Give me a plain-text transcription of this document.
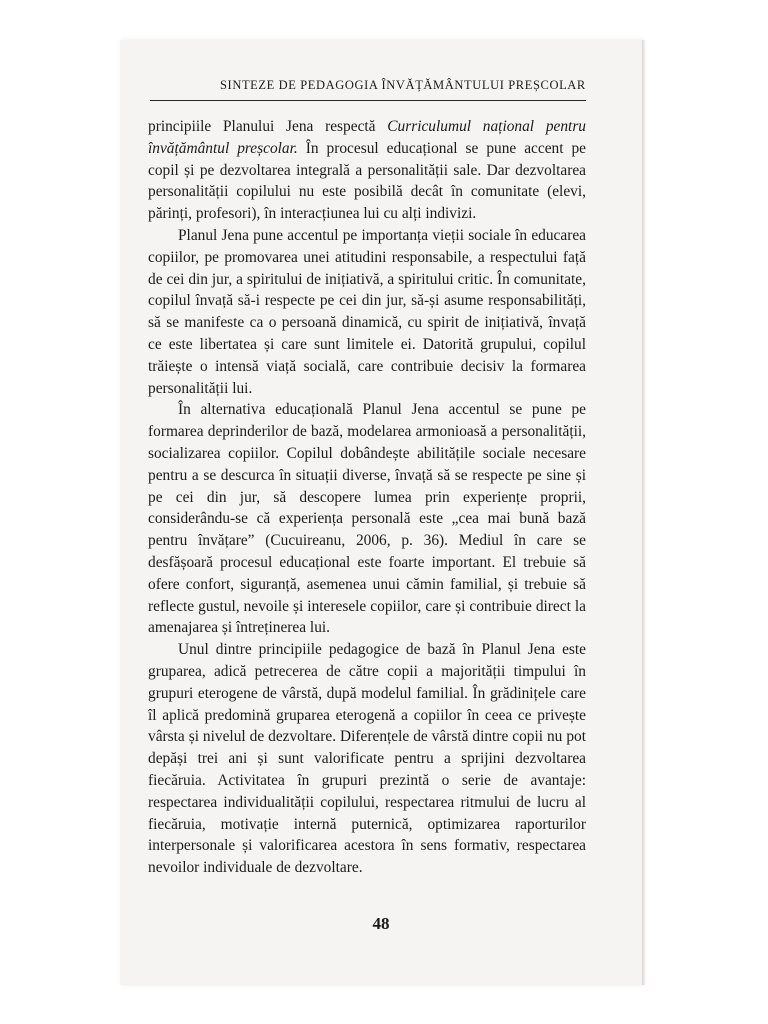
SINTEZE DE PEDAGOGIA ÎNVĂȚĂMÂNTULUI PREȘCOLAR

principiile Planului Jena respectă Curriculumul național pentru învățământul preșcolar. În procesul educațional se pune accent pe copil și pe dezvoltarea integrală a personalității sale. Dar dezvoltarea personalității copilului nu este posibilă decât în comunitate (elevi, părinți, profesori), în interacțiunea lui cu alți indivizi.

Planul Jena pune accentul pe importanța vieții sociale în educarea copiilor, pe promovarea unei atitudini responsabile, a respectului față de cei din jur, a spiritului de inițiativă, a spiritului critic. În comunitate, copilul învață să-i respecte pe cei din jur, să-și asume responsabilități, să se manifeste ca o persoană dinamică, cu spirit de inițiativă, învață ce este libertatea și care sunt limitele ei. Datorită grupului, copilul trăiește o intensă viață socială, care contribuie decisiv la formarea personalității lui.

În alternativa educațională Planul Jena accentul se pune pe formarea deprinderilor de bază, modelarea armonioasă a personalității, socializarea copiilor. Copilul dobândește abilitățile sociale necesare pentru a se descurca în situații diverse, învață să se respecte pe sine și pe cei din jur, să descopere lumea prin experiențe proprii, considerându-se că experiența personală este „cea mai bună bază pentru învățare” (Cucuireanu, 2006, p. 36). Mediul în care se desfășoară procesul educațional este foarte important. El trebuie să ofere confort, siguranță, asemenea unui cămin familial, și trebuie să reflecte gustul, nevoile și interesele copiilor, care și contribuie direct la amenajarea și întreținerea lui.

Unul dintre principiile pedagogice de bază în Planul Jena este gruparea, adică petrecerea de către copii a majorității timpului în grupuri eterogene de vârstă, după modelul familial. În grădinițele care îl aplică predomină gruparea eterogenă a copiilor în ceea ce privește vârsta și nivelul de dezvoltare. Diferențele de vârstă dintre copii nu pot depăși trei ani și sunt valorificate pentru a sprijini dezvoltarea fiecăruia. Activitatea în grupuri prezintă o serie de avantaje: respectarea individualității copilului, respectarea ritmului de lucru al fiecăruia, motivație internă puternică, optimizarea raporturilor interpersonale și valorificarea acestora în sens formativ, respectarea nevoilor individuale de dezvoltare.

48
